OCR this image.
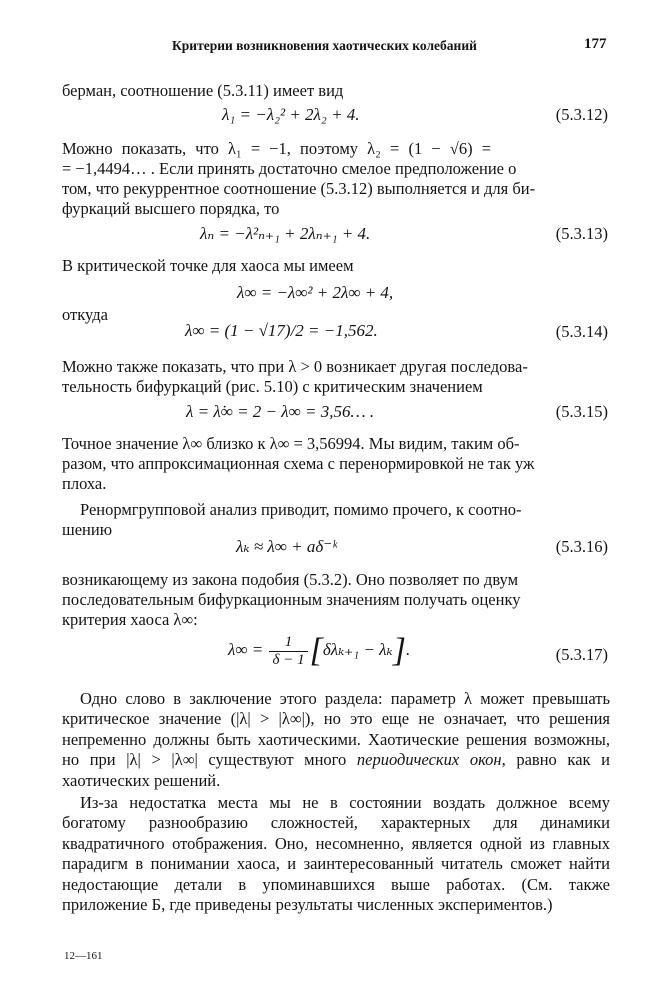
Критерии возникновения хаотических колебаний	177
берман, соотношение (5.3.11) имеет вид
λ₁ = −λ₂² + 2λ₂ + 4.	(5.3.12)
Можно показать, что λ₁ = −1, поэтому λ₂ = (1 − √6) =
= −1,4494… . Если принять достаточно смелое предположение о
том, что рекуррентное соотношение (5.3.12) выполняется и для би-
фуркаций высшего порядка, то
λₙ = −λ²ₙ₊₁ + 2λₙ₊₁ + 4.	(5.3.13)
В критической точке для хаоса мы имеем
λ∞ = −λ∞² + 2λ∞ + 4,
откуда
λ∞ = (1 − √17)/2 = −1,562.	(5.3.14)
Можно также показать, что при λ > 0 возникает другая последова-
тельность бифуркаций (рис. 5.10) с критическим значением
λ = λ̇∞ = 2 − λ∞ = 3,56… .	(5.3.15)
Точное значение λ∞ близко к λ∞ = 3,56994. Мы видим, таким об-
разом, что аппроксимационная схема с перенормировкой не так уж
плоха.
Ренормгрупповой анализ приводит, помимо прочего, к соотно-
шению
λₖ ≈ λ∞ + aδ⁻ᵏ	(5.3.16)
возникающему из закона подобия (5.3.2). Оно позволяет по двум
последовательным бифуркационным значениям получать оценку
критерия хаоса λ∞:
$\lambda\infty = \frac{1}{\delta - 1} [\delta\lambda_{k+1} - \lambda_k]$.	(5.3.17)
Одно слово в заключение этого раздела: параметр λ может превышать критическое значение (|λ| > |λ∞|), но это еще не означает, что решения непременно должны быть хаотическими. Хаотические решения возможны, но при |λ| > |λ∞| существуют много периодических окон, равно как и хаотических решений.
Из-за недостатка места мы не в состоянии воздать должное всему богатому разнообразию сложностей, характерных для динамики квадратичного отображения. Оно, несомненно, является одной из главных парадигм в понимании хаоса, и заинтересованный читатель сможет найти недостающие детали в упоминавшихся выше работах. (См. также приложение Б, где приведены результаты численных экспериментов.)
12—161
